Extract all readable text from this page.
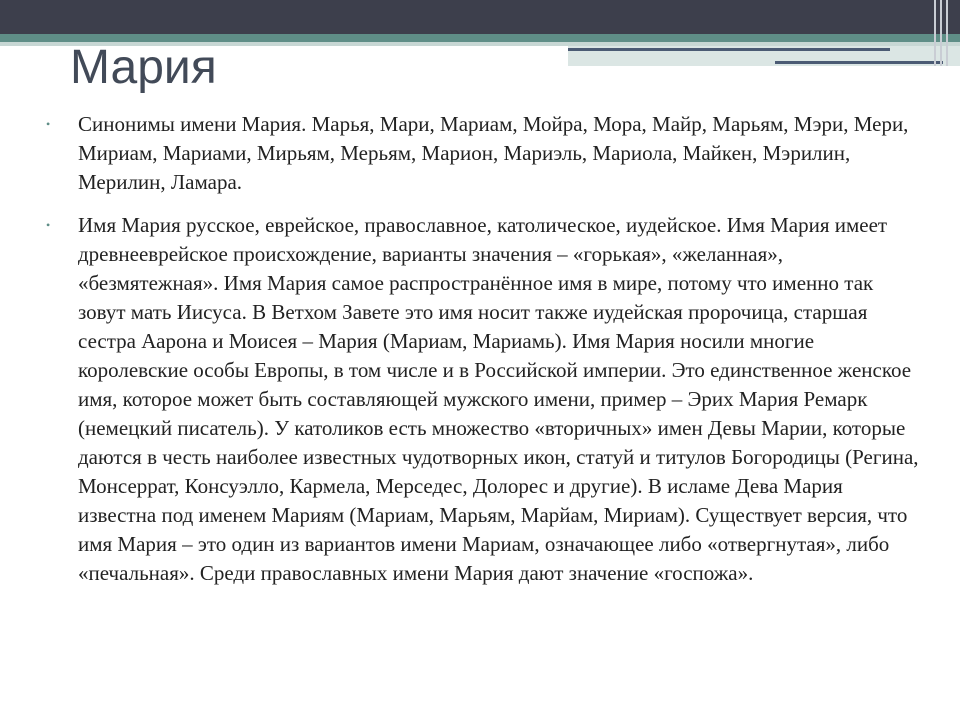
Мария
• Синонимы имени Мария. Марья, Мари, Мариам, Мойра, Мора, Майр, Марьям, Мэри, Мери, Мириам, Мариами, Мирьям, Мерьям, Марион, Мариэль, Мариола, Майкен, Мэрилин, Мерилин, Ламара.

• Имя Мария русское, еврейское, православное, католическое, иудейское. Имя Мария имеет древнееврейское происхождение, варианты значения – «горькая», «желанная», «безмятежная». Имя Мария самое распространённое имя в мире, потому что именно так зовут мать Иисуса. В Ветхом Завете это имя носит также иудейская пророчица, старшая сестра Аарона и Моисея – Мария (Мариам, Мариамь). Имя Мария носили многие королевские особы Европы, в том числе и в Российской империи. Это единственное женское имя, которое может быть составляющей мужского имени, пример – Эрих Мария Ремарк (немецкий писатель). У католиков есть множество «вторичных» имен Девы Марии, которые даются в честь наиболее известных чудотворных икон, статуй и титулов Богородицы (Регина, Монсеррат, Консуэлло, Кармела, Мерседес, Долорес и другие). В исламе Дева Мария известна под именем Мариям (Мариам, Марьям, Марйам, Мириам). Существует версия, что имя Мария – это один из вариантов имени Мариам, означающее либо «отвергнутая», либо «печальная». Среди православных имени Мария дают значение «госпожа».
